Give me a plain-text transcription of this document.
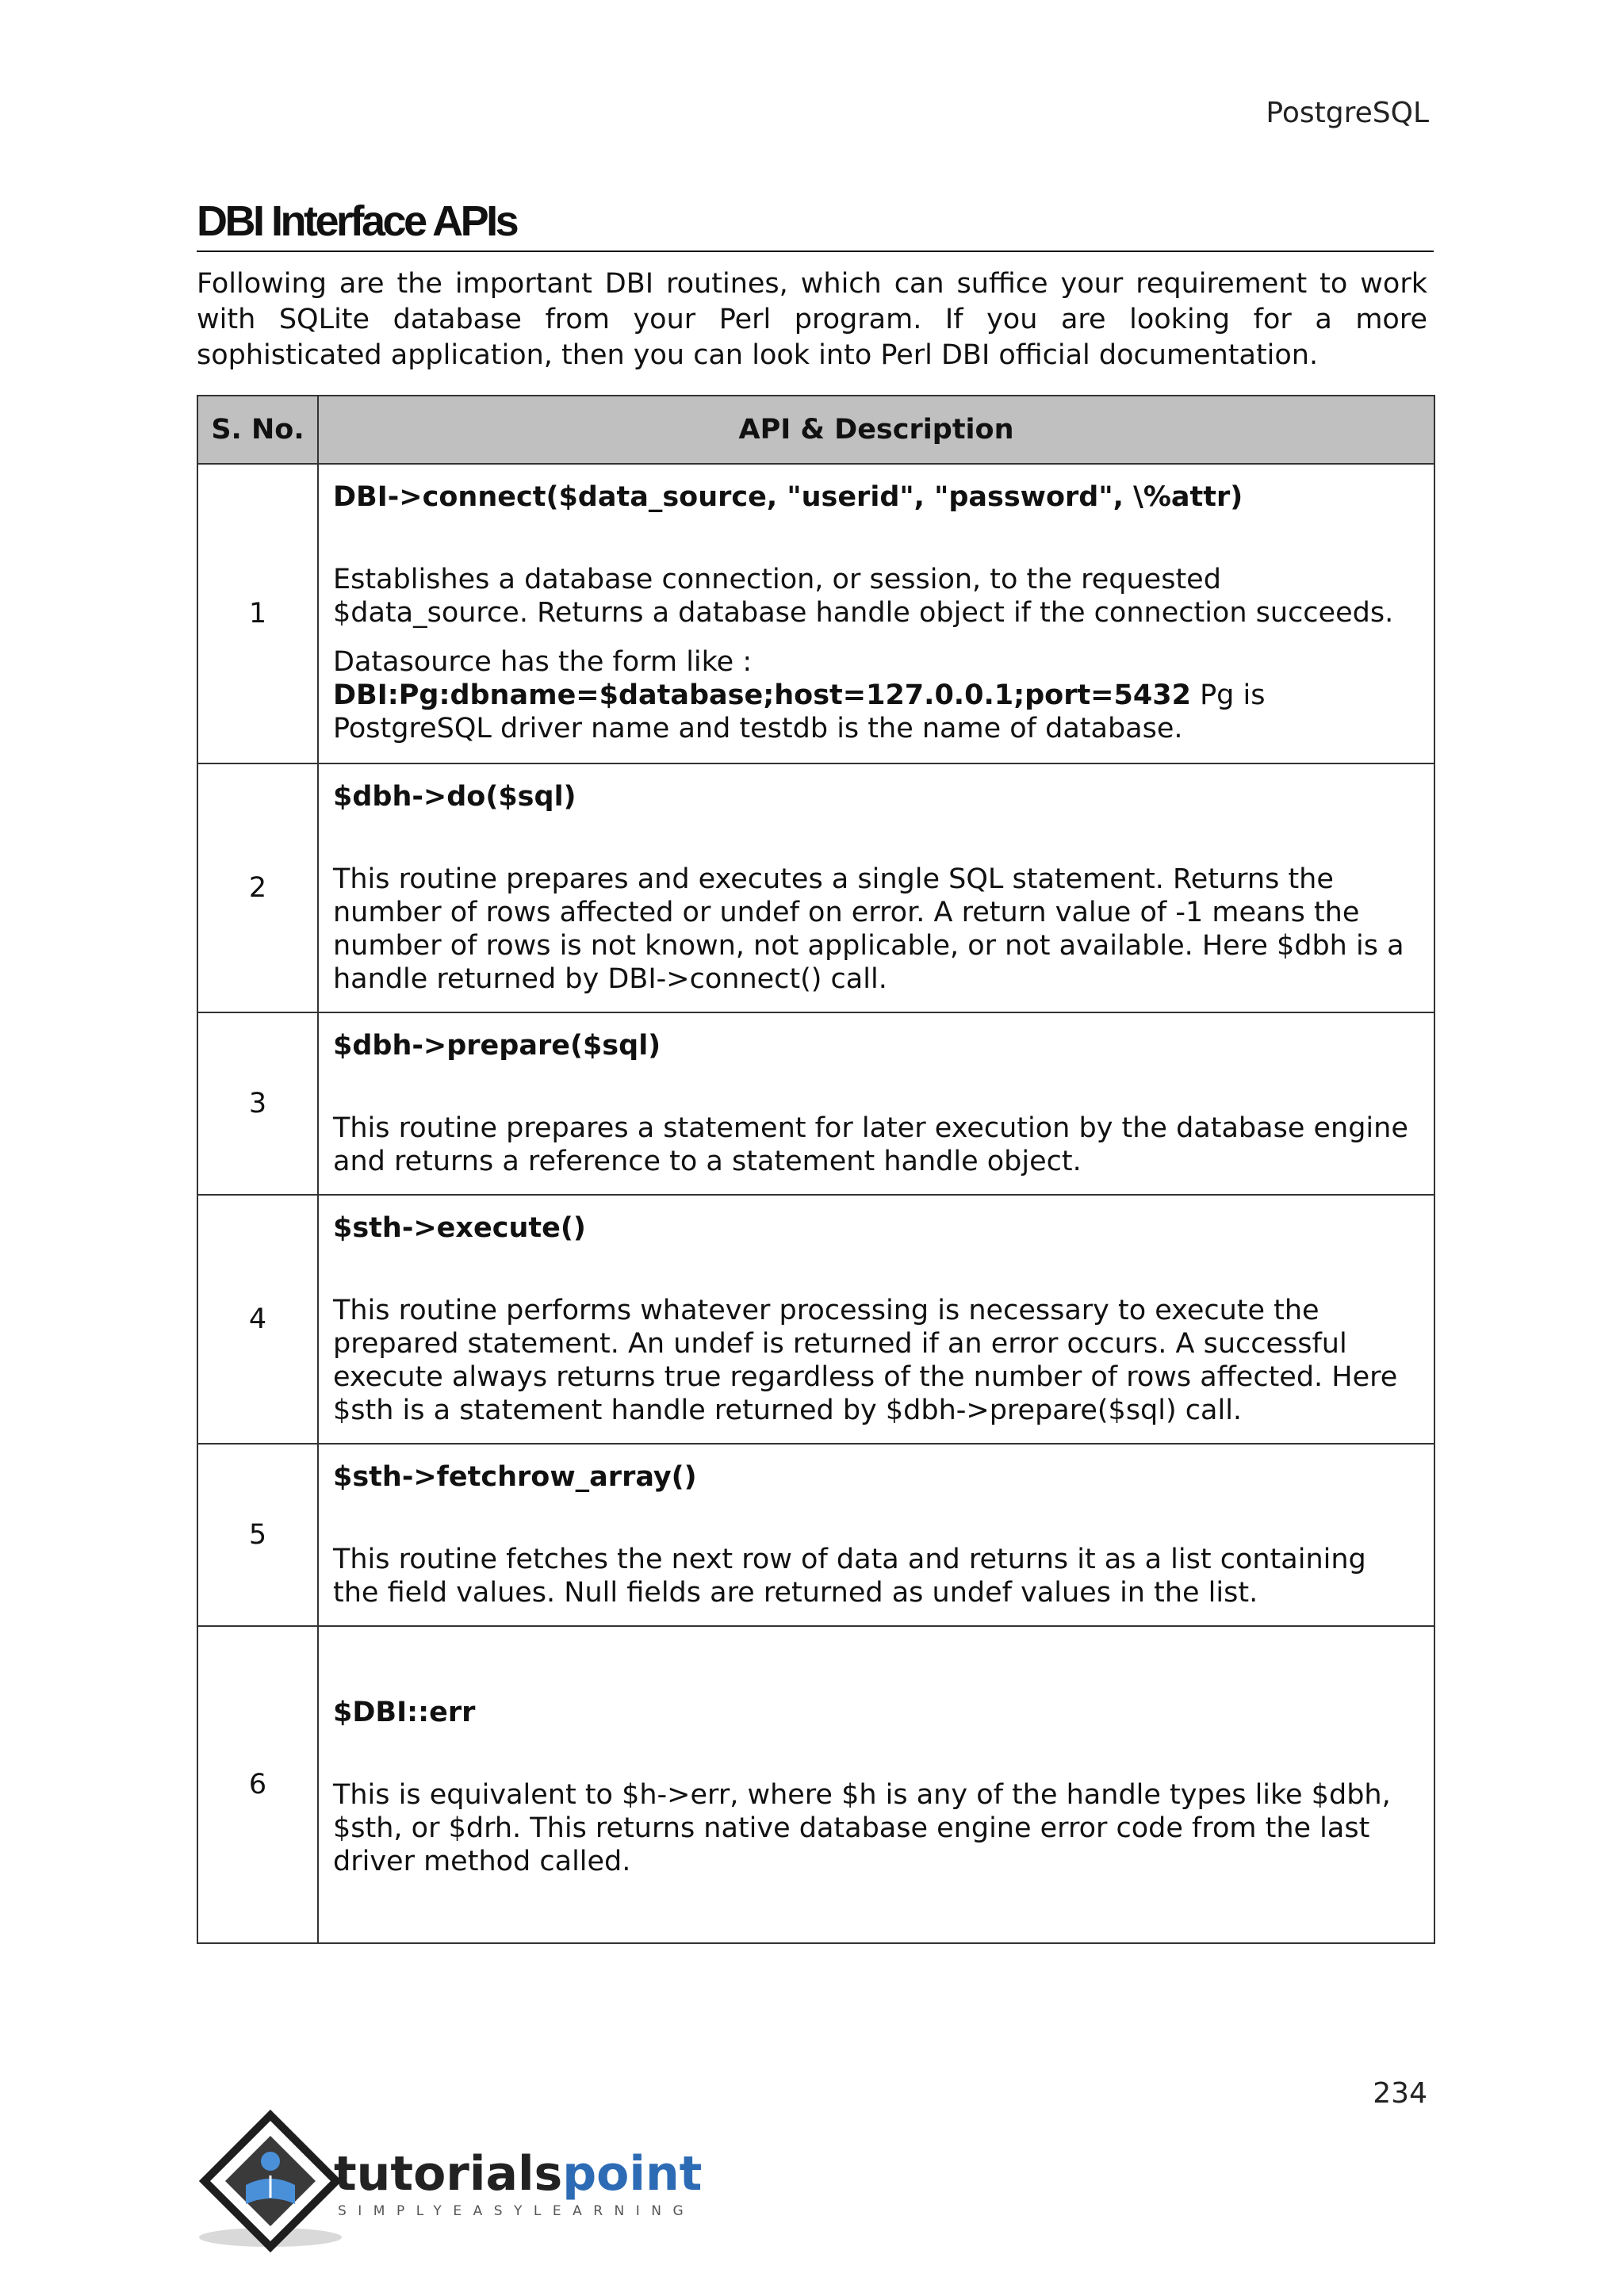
PostgreSQL
DBI Interface APIs
Following are the important DBI routines, which can suffice your requirement to work with SQLite database from your Perl program. If you are looking for a more sophisticated application, then you can look into Perl DBI official documentation.
S. No.	API & Description
1	DBI->connect($data_source, "userid", "password", \%attr)
Establishes a database connection, or session, to the requested $data_source. Returns a database handle object if the connection succeeds.
Datasource has the form like : DBI:Pg:dbname=$database;host=127.0.0.1;port=5432 Pg is PostgreSQL driver name and testdb is the name of database.

2	$dbh->do($sql)
This routine prepares and executes a single SQL statement. Returns the number of rows affected or undef on error. A return value of -1 means the number of rows is not known, not applicable, or not available. Here $dbh is a handle returned by DBI->connect() call.

3	$dbh->prepare($sql)
This routine prepares a statement for later execution by the database engine and returns a reference to a statement handle object.

4	$sth->execute()
This routine performs whatever processing is necessary to execute the prepared statement. An undef is returned if an error occurs. A successful execute always returns true regardless of the number of rows affected. Here $sth is a statement handle returned by $dbh->prepare($sql) call.

5	$sth->fetchrow_array()
This routine fetches the next row of data and returns it as a list containing the field values. Null fields are returned as undef values in the list.

6	$DBI::err
This is equivalent to $h->err, where $h is any of the handle types like $dbh, $sth, or $drh. This returns native database engine error code from the last driver method called.
234
tutorialspoint
SIMPLYEASYLEARNING
